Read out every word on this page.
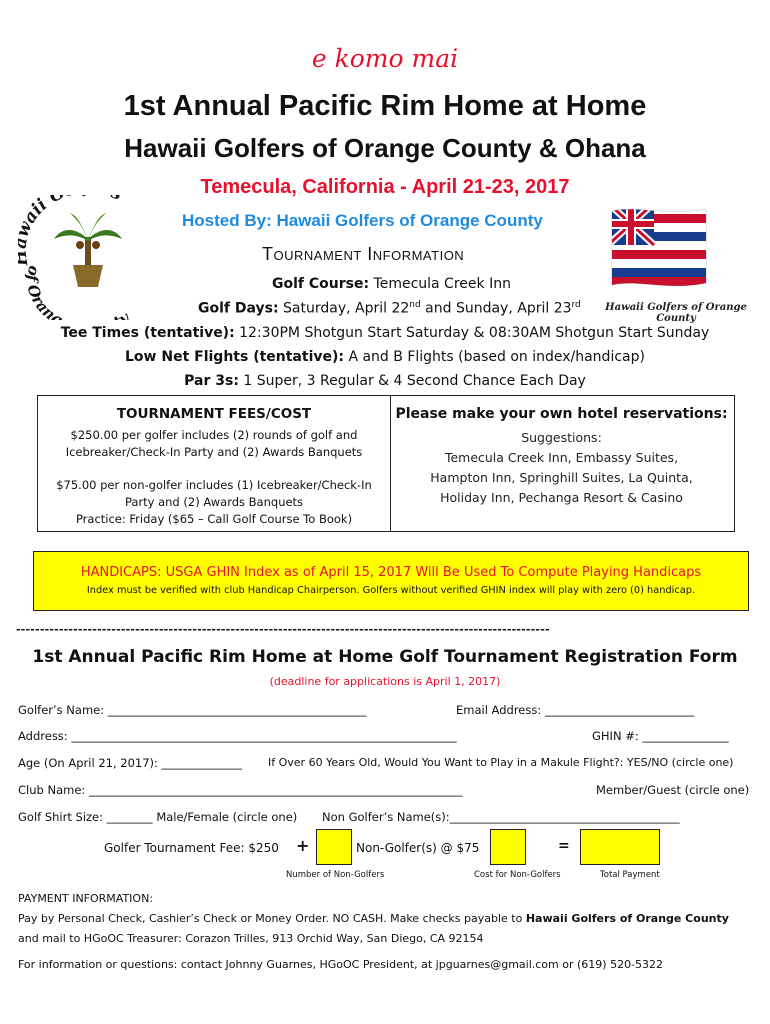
e komo mai
1st Annual Pacific Rim Home at Home
Hawaii Golfers of Orange County & Ohana
Temecula, California - April 21-23, 2017
Hosted By: Hawaii Golfers of Orange County
Tournament Information
aii G
of Orang y
Hawaii Golfers of Orange County
Golf Course: Temecula Creek Inn
Golf Days: Saturday, April 22nd and Sunday, April 23rd
Tee Times (tentative): 12:30PM Shotgun Start Saturday & 08:30AM Shotgun Start Sunday
Low Net Flights (tentative): A and B Flights (based on index/handicap)
Par 3s: 1 Super, 3 Regular & 4 Second Chance Each Day
TOURNAMENT FEES/COST
$250.00 per golfer includes (2) rounds of golf and
Icebreaker/Check-In Party and (2) Awards Banquets
$75.00 per non-golfer includes (1) Icebreaker/Check-In
Party and (2) Awards Banquets
Practice: Friday ($65 – Call Golf Course To Book)
Please make your own hotel reservations:
Suggestions:
Temecula Creek Inn, Embassy Suites,
Hampton Inn, Springhill Suites, La Quinta,
Holiday Inn, Pechanga Resort & Casino
HANDICAPS: USGA GHIN Index as of April 15, 2017 Will Be Used To Compute Playing Handicaps
Index must be verified with club Handicap Chairperson. Golfers without verified GHIN index will play with zero (0) handicap.
----------------------------------------------------------------------------------------------------------------
1st Annual Pacific Rim Home at Home Golf Tournament Registration Form
(deadline for applications is April 1, 2017)
Golfer’s Name: _____________________________________________	Email Address: __________________________
Address: ___________________________________________________________________	GHIN #: _______________
Age (On April 21, 2017): ______________ If Over 60 Years Old, Would You Want to Play in a Makule Flight?: YES/NO (circle one)
Club Name: _________________________________________________________________	Member/Guest (circle one)
Golf Shirt Size: ________ Male/Female (circle one) Non Golfer’s Name(s):________________________________________
Golfer Tournament Fee: $250 +	Non-Golfer(s) @ $75	=
Number of Non-Golfers	Cost for Non-Golfers	Total Payment
PAYMENT INFORMATION:
Pay by Personal Check, Cashier’s Check or Money Order. NO CASH. Make checks payable to Hawaii Golfers of Orange County
and mail to HGoOC Treasurer: Corazon Trilles, 913 Orchid Way, San Diego, CA 92154
For information or questions: contact Johnny Guarnes, HGoOC President, at jpguarnes@gmail.com or (619) 520-5322
